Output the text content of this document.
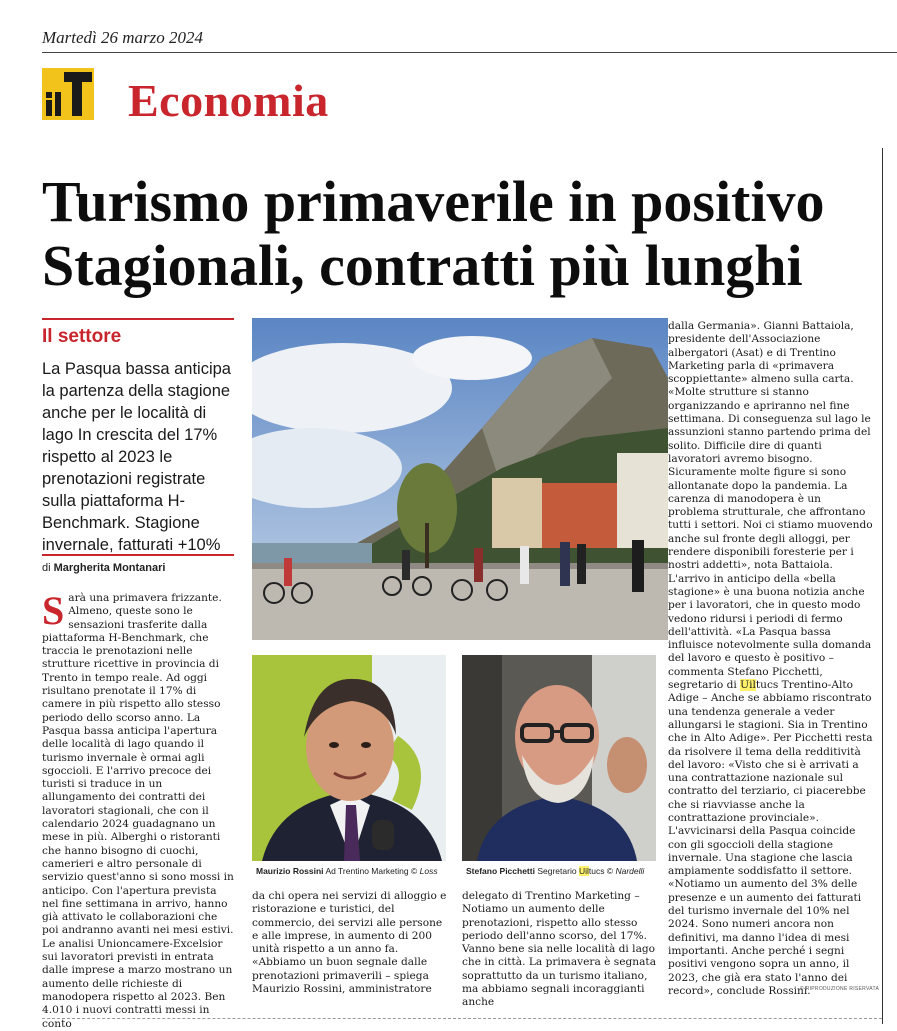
Martedì 26 marzo 2024
Economia
Turismo primaverile in positivo Stagionali, contratti più lunghi
Il settore

La Pasqua bassa anticipa la partenza della stagione anche per le località di lago In crescita del 17% rispetto al 2023 le prenotazioni registrate sulla piattaforma H-Benchmark. Stagione invernale, fatturati +10%

di Margherita Montanari

Sarà una primavera frizzante. Almeno, queste sono le sensazioni trasferite dalla piattaforma H-Benchmark, che traccia le prenotazioni nelle strutture ricettive in provincia di Trento in tempo reale. Ad oggi risultano prenotate il 17% di camere in più rispetto allo stesso periodo dello scorso anno. La Pasqua bassa anticipa l'apertura delle località di lago quando il turismo invernale è ormai agli sgoccioli. E l'arrivo precoce dei turisti si traduce in un allungamento dei contratti dei lavoratori stagionali, che con il calendario 2024 guadagnano un mese in più. Alberghi o ristoranti che hanno bisogno di cuochi, camerieri e altro personale di servizio quest'anno si sono mossi in anticipo. Con l'apertura prevista nel fine settimana in arrivo, hanno già attivato le collaborazioni che poi andranno avanti nei mesi estivi. Le analisi Unioncamere-Excelsior sui lavoratori previsti in entrata dalle imprese a marzo mostrano un aumento delle richieste di manodopera rispetto al 2023. Ben 4.010 i nuovi contratti messi in conto

Maurizio Rossini Ad Trentino Marketing © Loss	Stefano Picchetti Segretario Uiltucs © Nardelli

da chi opera nei servizi di alloggio e ristorazione e turistici, del commercio, dei servizi alle persone e alle imprese, in aumento di 200 unità rispetto a un anno fa. «Abbiamo un buon segnale dalle prenotazioni primaverili – spiega Maurizio Rossini, amministratore

delegato di Trentino Marketing – Notiamo un aumento delle prenotazioni, rispetto allo stesso periodo dell'anno scorso, del 17%. Vanno bene sia nelle località di lago che in città. La primavera è segnata soprattutto da un turismo italiano, ma abbiamo segnali incoraggianti anche

dalla Germania». Gianni Battaiola, presidente dell'Associazione albergatori (Asat) e di Trentino Marketing parla di «primavera scoppiettante» almeno sulla carta. «Molte strutture si stanno organizzando e apriranno nel fine settimana. Di conseguenza sul lago le assunzioni stanno partendo prima del solito. Difficile dire di quanti lavoratori avremo bisogno. Sicuramente molte figure si sono allontanate dopo la pandemia. La carenza di manodopera è un problema strutturale, che affrontano tutti i settori. Noi ci stiamo muovendo anche sul fronte degli alloggi, per rendere disponibili foresterie per i nostri addetti», nota Battaiola. L'arrivo in anticipo della «bella stagione» è una buona notizia anche per i lavoratori, che in questo modo vedono ridursi i periodi di fermo dell'attività. «La Pasqua bassa influisce notevolmente sulla domanda del lavoro e questo è positivo – commenta Stefano Picchetti, segretario di Uiltucs Trentino-Alto Adige – Anche se abbiamo riscontrato una tendenza generale a veder allungarsi le stagioni. Sia in Trentino che in Alto Adige». Per Picchetti resta da risolvere il tema della redditività del lavoro: «Visto che si è arrivati a una contrattazione nazionale sul contratto del terziario, ci piacerebbe che si riavviasse anche la contrattazione provinciale». L'avvicinarsi della Pasqua coincide con gli sgoccioli della stagione invernale. Una stagione che lascia ampiamente soddisfatto il settore. «Notiamo un aumento del 3% delle presenze e un aumento dei fatturati del turismo invernale del 10% nel 2024. Sono numeri ancora non definitivi, ma danno l'idea di mesi importanti. Anche perché i segni positivi vengono sopra un anno, il 2023, che già era stato l'anno dei record», conclude Rossini.

© RIPRODUZIONE RISERVATA
